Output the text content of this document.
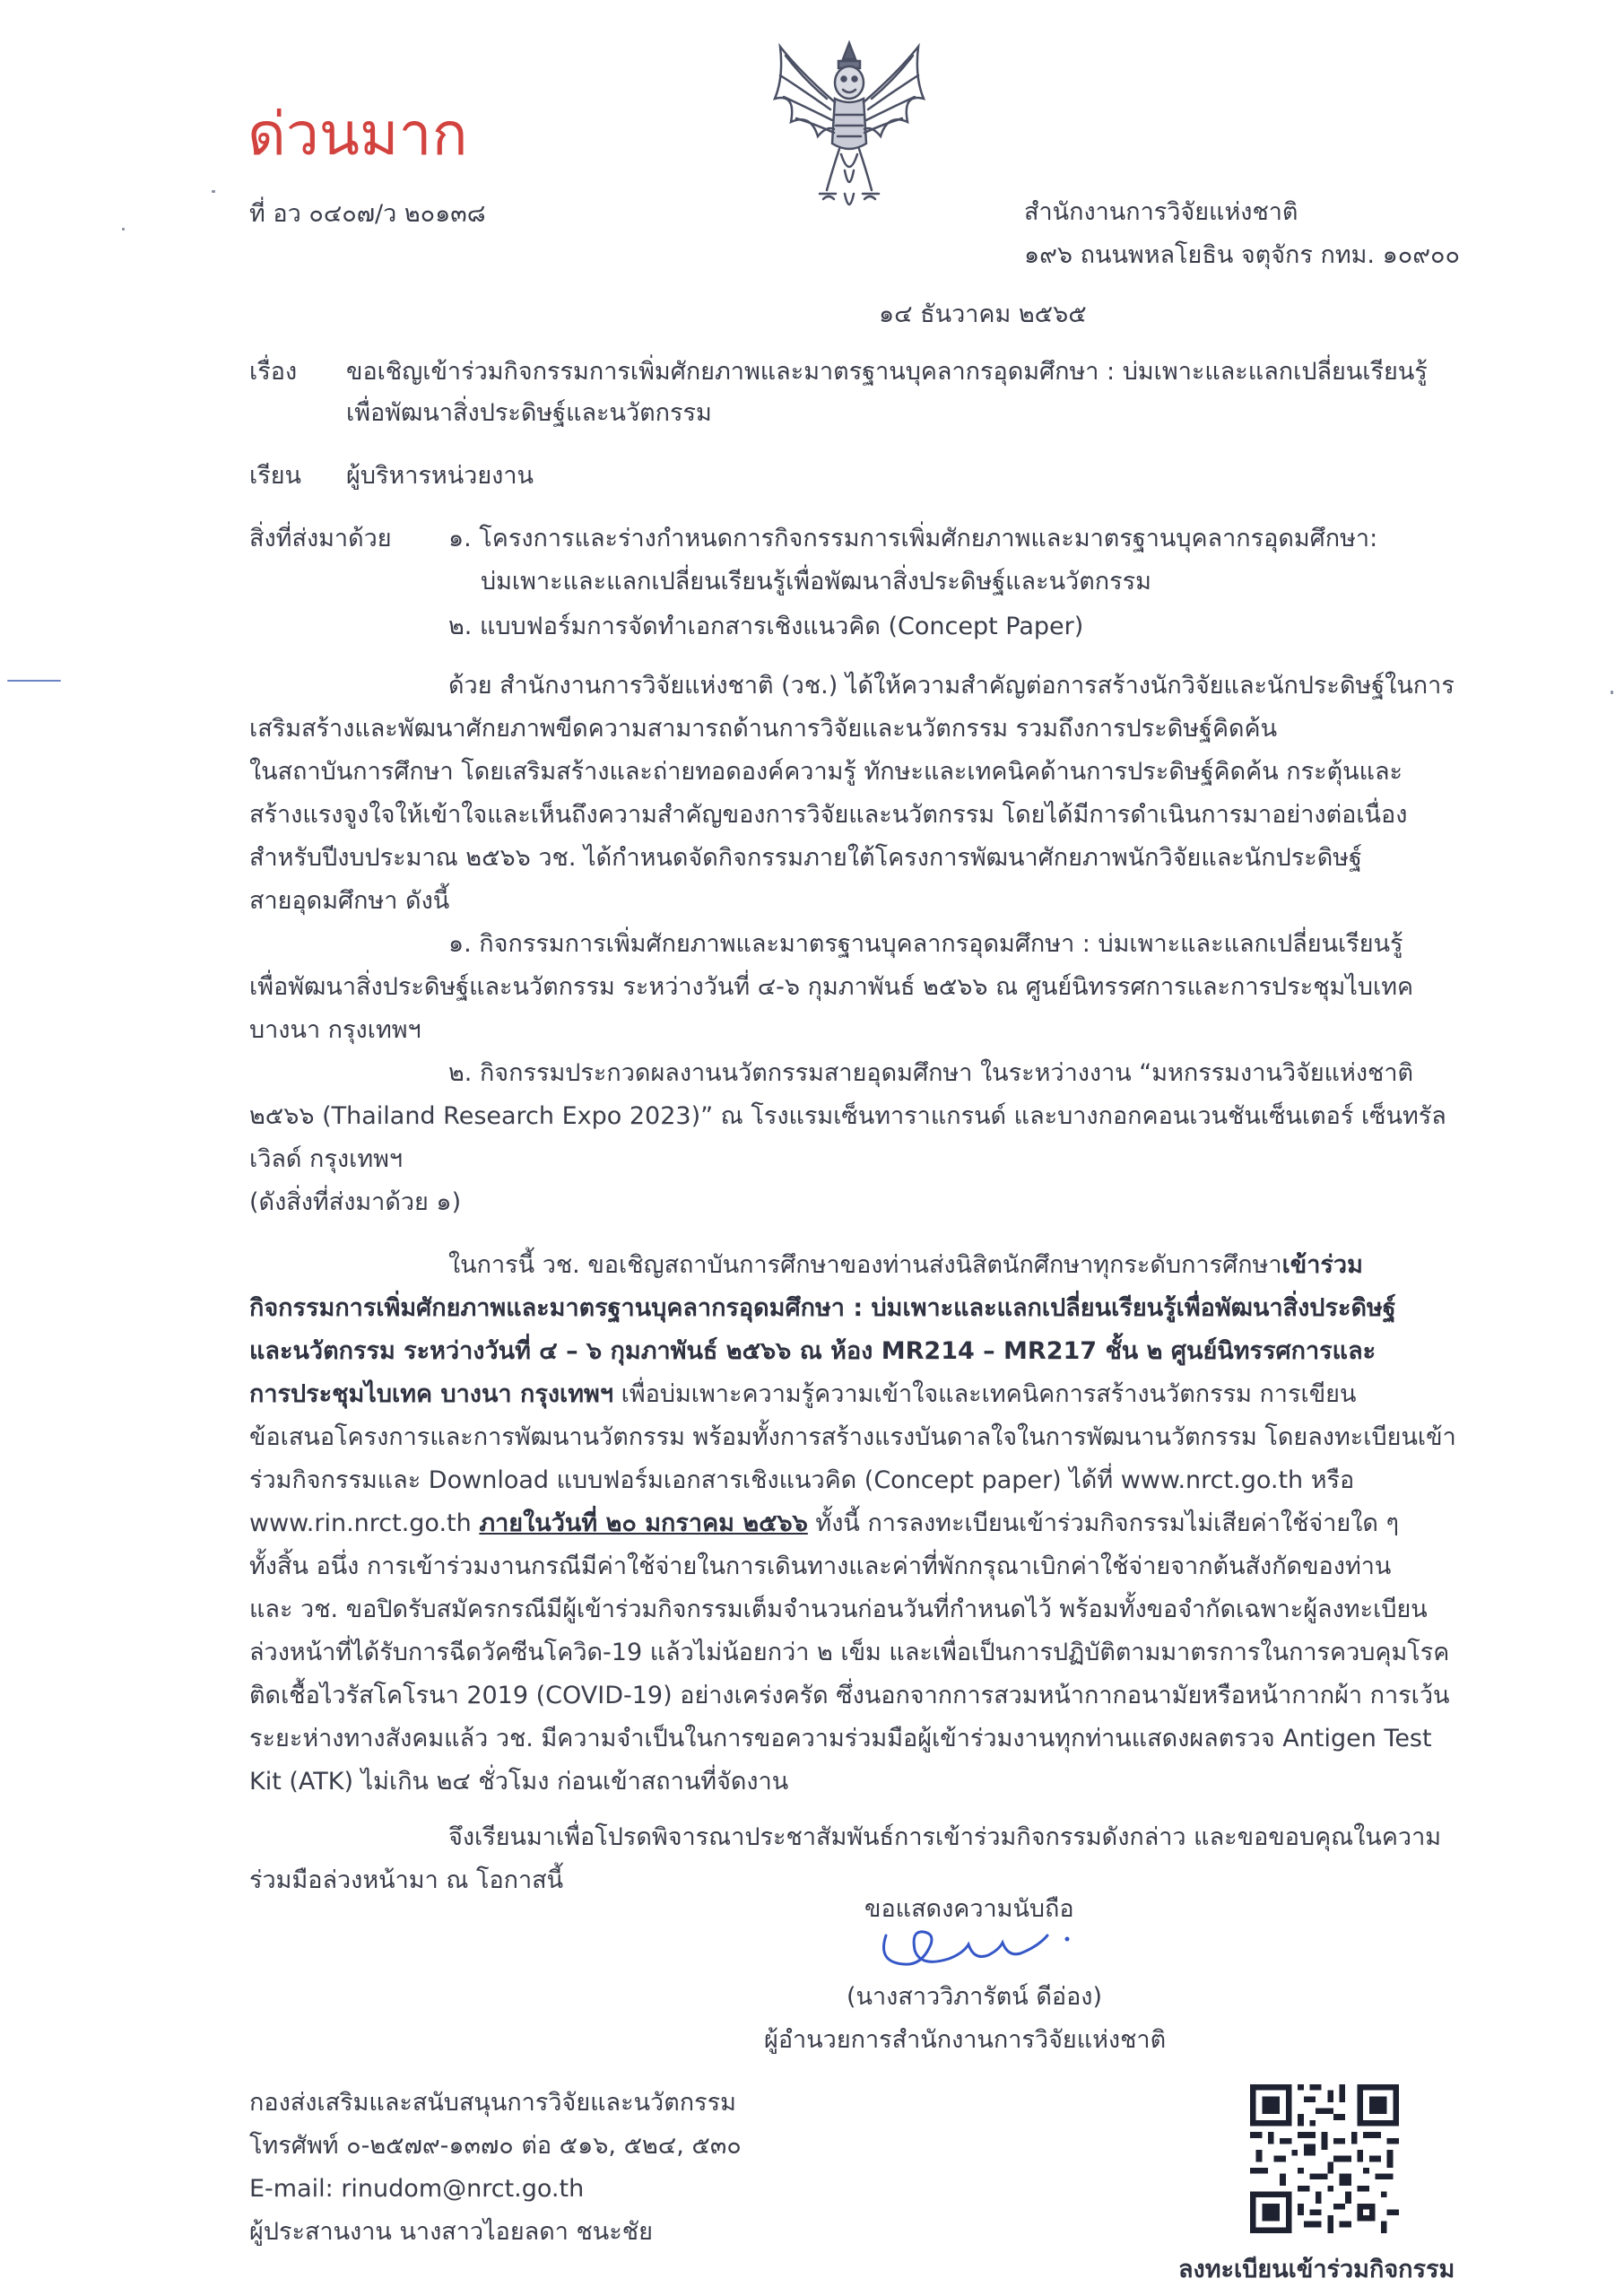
ด่วนมาก
ที่ อว ๐๔๐๗/ว ๒๐๑๓๘	สำนักงานการวิจัยแห่งชาติ
๑๙๖ ถนนพหลโยธิน จตุจักร กทม. ๑๐๙๐๐
๑๔ ธันวาคม ๒๕๖๕
เรื่อง ขอเชิญเข้าร่วมกิจกรรมการเพิ่มศักยภาพและมาตรฐานบุคลากรอุดมศึกษา : บ่มเพาะและแลกเปลี่ยนเรียนรู้
เพื่อพัฒนาสิ่งประดิษฐ์และนวัตกรรม
เรียน ผู้บริหารหน่วยงาน
สิ่งที่ส่งมาด้วย ๑. โครงการและร่างกำหนดการกิจกรรมการเพิ่มศักยภาพและมาตรฐานบุคลากรอุดมศึกษา:
บ่มเพาะและแลกเปลี่ยนเรียนรู้เพื่อพัฒนาสิ่งประดิษฐ์และนวัตกรรม
๒. แบบฟอร์มการจัดทำเอกสารเชิงแนวคิด (Concept Paper)
ด้วย สำนักงานการวิจัยแห่งชาติ (วช.) ได้ให้ความสำคัญต่อการสร้างนักวิจัยและนักประดิษฐ์ในการ
เสริมสร้างและพัฒนาศักยภาพขีดความสามารถด้านการวิจัยและนวัตกรรม รวมถึงการประดิษฐ์คิดค้น
ในสถาบันการศึกษา โดยเสริมสร้างและถ่ายทอดองค์ความรู้ ทักษะและเทคนิคด้านการประดิษฐ์คิดค้น กระตุ้นและ
สร้างแรงจูงใจให้เข้าใจและเห็นถึงความสำคัญของการวิจัยและนวัตกรรม โดยได้มีการดำเนินการมาอย่างต่อเนื่อง
สำหรับปีงบประมาณ ๒๕๖๖ วช. ได้กำหนดจัดกิจกรรมภายใต้โครงการพัฒนาศักยภาพนักวิจัยและนักประดิษฐ์
สายอุดมศึกษา ดังนี้
๑. กิจกรรมการเพิ่มศักยภาพและมาตรฐานบุคลากรอุดมศึกษา : บ่มเพาะและแลกเปลี่ยนเรียนรู้
เพื่อพัฒนาสิ่งประดิษฐ์และนวัตกรรม ระหว่างวันที่ ๔-๖ กุมภาพันธ์ ๒๕๖๖ ณ ศูนย์นิทรรศการและการประชุมไบเทค
บางนา กรุงเทพฯ
๒. กิจกรรมประกวดผลงานนวัตกรรมสายอุดมศึกษา ในระหว่างงาน “มหกรรมงานวิจัยแห่งชาติ
๒๕๖๖ (Thailand Research Expo 2023)” ณ โรงแรมเซ็นทาราแกรนด์ และบางกอกคอนเวนชันเซ็นเตอร์ เซ็นทรัล
เวิลด์ กรุงเทพฯ
(ดังสิ่งที่ส่งมาด้วย ๑)
ในการนี้ วช. ขอเชิญสถาบันการศึกษาของท่านส่งนิสิตนักศึกษาทุกระดับการศึกษาเข้าร่วม
กิจกรรมการเพิ่มศักยภาพและมาตรฐานบุคลากรอุดมศึกษา : บ่มเพาะและแลกเปลี่ยนเรียนรู้เพื่อพัฒนาสิ่งประดิษฐ์
และนวัตกรรม ระหว่างวันที่ ๔ – ๖ กุมภาพันธ์ ๒๕๖๖ ณ ห้อง MR214 – MR217 ชั้น ๒ ศูนย์นิทรรศการและ
การประชุมไบเทค บางนา กรุงเทพฯ เพื่อบ่มเพาะความรู้ความเข้าใจและเทคนิคการสร้างนวัตกรรม การเขียน
ข้อเสนอโครงการและการพัฒนานวัตกรรม พร้อมทั้งการสร้างแรงบันดาลใจในการพัฒนานวัตกรรม โดยลงทะเบียนเข้า
ร่วมกิจกรรมและ Download แบบฟอร์มเอกสารเชิงแนวคิด (Concept paper) ได้ที่ www.nrct.go.th หรือ
www.rin.nrct.go.th ภายในวันที่ ๒๐ มกราคม ๒๕๖๖ ทั้งนี้ การลงทะเบียนเข้าร่วมกิจกรรมไม่เสียค่าใช้จ่ายใด ๆ
ทั้งสิ้น อนึ่ง การเข้าร่วมงานกรณีมีค่าใช้จ่ายในการเดินทางและค่าที่พักกรุณาเบิกค่าใช้จ่ายจากต้นสังกัดของท่าน
และ วช. ขอปิดรับสมัครกรณีมีผู้เข้าร่วมกิจกรรมเต็มจำนวนก่อนวันที่กำหนดไว้ พร้อมทั้งขอจำกัดเฉพาะผู้ลงทะเบียน
ล่วงหน้าที่ได้รับการฉีดวัคซีนโควิด-19 แล้วไม่น้อยกว่า ๒ เข็ม และเพื่อเป็นการปฏิบัติตามมาตรการในการควบคุมโรค
ติดเชื้อไวรัสโคโรนา 2019 (COVID-19) อย่างเคร่งครัด ซึ่งนอกจากการสวมหน้ากากอนามัยหรือหน้ากากผ้า การเว้น
ระยะห่างทางสังคมแล้ว วช. มีความจำเป็นในการขอความร่วมมือผู้เข้าร่วมงานทุกท่านแสดงผลตรวจ Antigen Test
Kit (ATK) ไม่เกิน ๒๔ ชั่วโมง ก่อนเข้าสถานที่จัดงาน
จึงเรียนมาเพื่อโปรดพิจารณาประชาสัมพันธ์การเข้าร่วมกิจกรรมดังกล่าว และขอขอบคุณในความ
ร่วมมือล่วงหน้ามา ณ โอกาสนี้
ขอแสดงความนับถือ
(นางสาววิภารัตน์ ดีอ่อง)
ผู้อำนวยการสำนักงานการวิจัยแห่งชาติ
กองส่งเสริมและสนับสนุนการวิจัยและนวัตกรรม
โทรศัพท์ ๐-๒๕๗๙-๑๓๗๐ ต่อ ๕๑๖, ๕๒๔, ๕๓๐
E-mail: rinudom@nrct.go.th
ผู้ประสานงาน นางสาวไอยลดา ชนะชัย
ลงทะเบียนเข้าร่วมกิจกรรม
